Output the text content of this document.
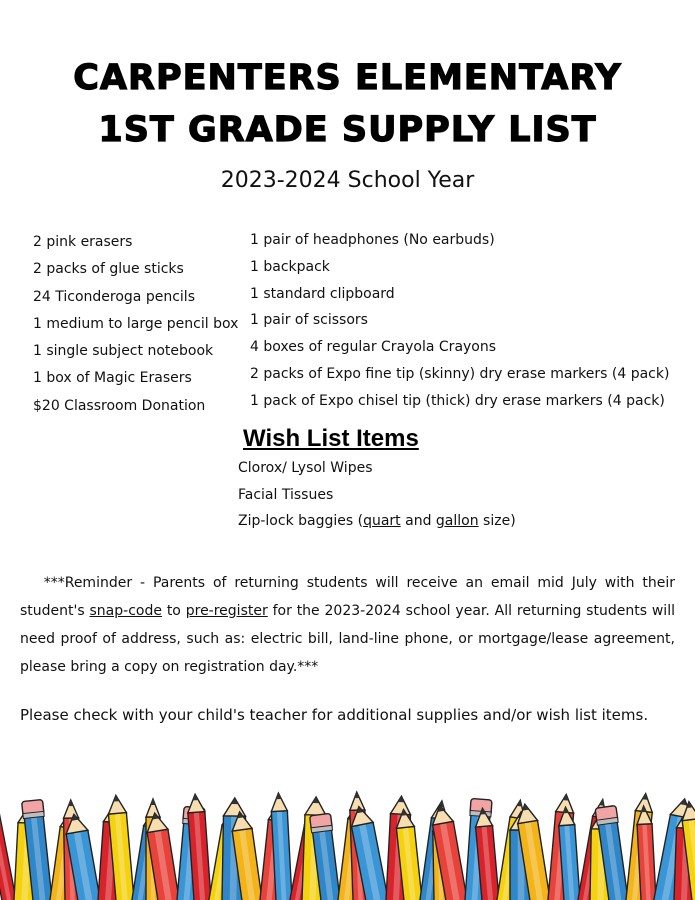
CARPENTERS ELEMENTARY
1ST GRADE SUPPLY LIST
2023-2024 School Year
2 pink erasers
2 packs of glue sticks
24 Ticonderoga pencils
1 medium to large pencil box
1 single subject notebook
1 box of Magic Erasers
$20 Classroom Donation
1 pair of headphones (No earbuds)
1 backpack
1 standard clipboard
1 pair of scissors
4 boxes of regular Crayola Crayons
2 packs of Expo fine tip (skinny) dry erase markers (4 pack)
1 pack of Expo chisel tip (thick) dry erase markers (4 pack)
Wish List Items
Clorox/ Lysol Wipes
Facial Tissues
Zip-lock baggies (quart and gallon size)

***Reminder - Parents of returning students will receive an email mid July with their student's snap-code to pre-register for the 2023-2024 school year. All returning students will need proof of address, such as: electric bill, land-line phone, or mortgage/lease agreement, please bring a copy on registration day.***

Please check with your child's teacher for additional supplies and/or wish list items.
